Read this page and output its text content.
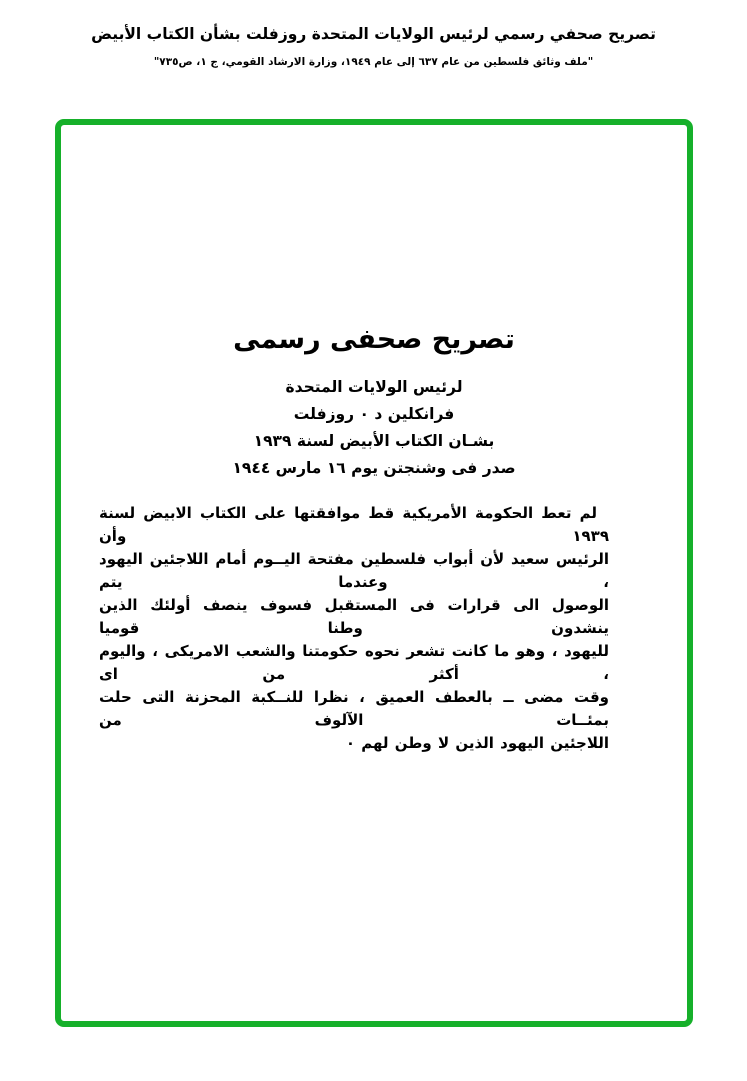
تصريح صحفي رسمي لرئيس الولايات المتحدة روزفلت بشأن الكتاب الأبيض
"ملف وثائق فلسطين من عام ٦٣٧ إلى عام ١٩٤٩، وزارة الارشاد القومي، ج ١، ص٧٣٥"
تصريح صحفى رسمى
لرئيس الولايات المتحدة
فرانكلين د ٠ روزفلت
بشـان الكتاب الأبيض لسنة ١٩٣٩
صدر فى وشنجتن يوم ١٦ مارس ١٩٤٤
لم تعط الحكومة الأمريكية قط موافقتها على الكتاب الابيض لسنة ١٩٣٩ وأن
الرئيس سعيد لأن أبواب فلسطين مفتحة اليــوم أمام اللاجئين اليهود ، وعندما يتم
الوصول الى قرارات فى المستقبل فسوف ينصف أولئك الذين ينشدون وطنا قوميا
لليهود ، وهو ما كانت تشعر نحوه حكومتنا والشعب الامريكى ، واليوم ، أكثر من اى
وقت مضى ــ بالعطف العميق ، نظرا للنــكبة المحزنة التى حلت بمئــات الآلوف من
اللاجئين اليهود الذين لا وطن لهم ٠
